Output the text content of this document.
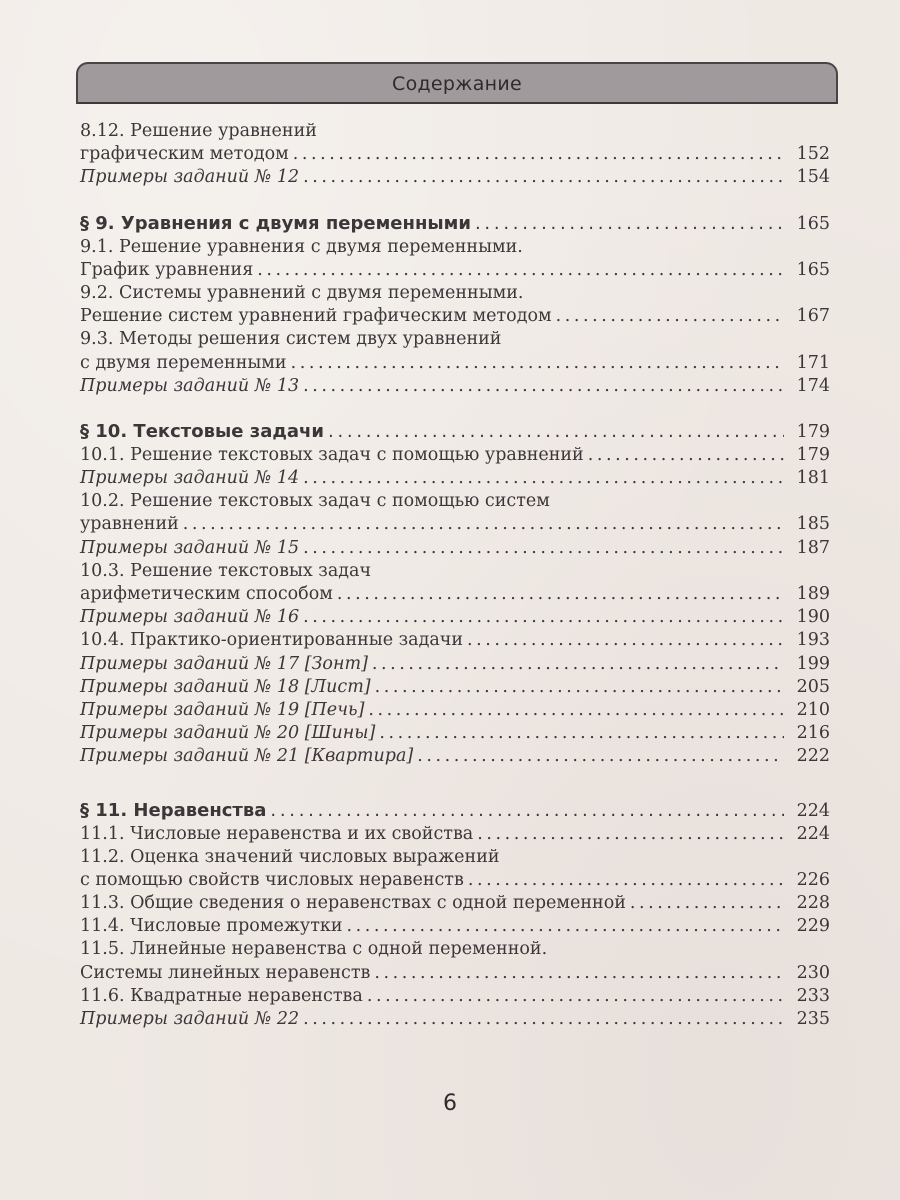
Содержание
8.12. Решение уравнений
графическим методом . . .	152
Примеры заданий № 12 . . .	154
§ 9. Уравнения с двумя переменными . . .	165
9.1. Решение уравнения с двумя переменными.
График уравнения . . .	165
9.2. Системы уравнений с двумя переменными.
Решение систем уравнений графическим методом . . .	167
9.3. Методы решения систем двух уравнений
с двумя переменными . . .	171
Примеры заданий № 13 . . .	174
§ 10. Текстовые задачи . . .	179
10.1. Решение текстовых задач с помощью уравнений . . .	179
Примеры заданий № 14 . . .	181
10.2. Решение текстовых задач с помощью систем
уравнений . . .	185
Примеры заданий № 15 . . .	187
10.3. Решение текстовых задач
арифметическим способом . . .	189
Примеры заданий № 16 . . .	190
10.4. Практико-ориентированные задачи . . .	193
Примеры заданий № 17 [Зонт] . . .	199
Примеры заданий № 18 [Лист] . . .	205
Примеры заданий № 19 [Печь] . . .	210
Примеры заданий № 20 [Шины] . . .	216
Примеры заданий № 21 [Квартира] . . .	222
§ 11. Неравенства . . .	224
11.1. Числовые неравенства и их свойства . . .	224
11.2. Оценка значений числовых выражений
с помощью свойств числовых неравенств . . .	226
11.3. Общие сведения о неравенствах с одной переменной . . .	228
11.4. Числовые промежутки . . .	229
11.5. Линейные неравенства с одной переменной.
Системы линейных неравенств . . .	230
11.6. Квадратные неравенства . . .	233
Примеры заданий № 22 . . .	235
6
